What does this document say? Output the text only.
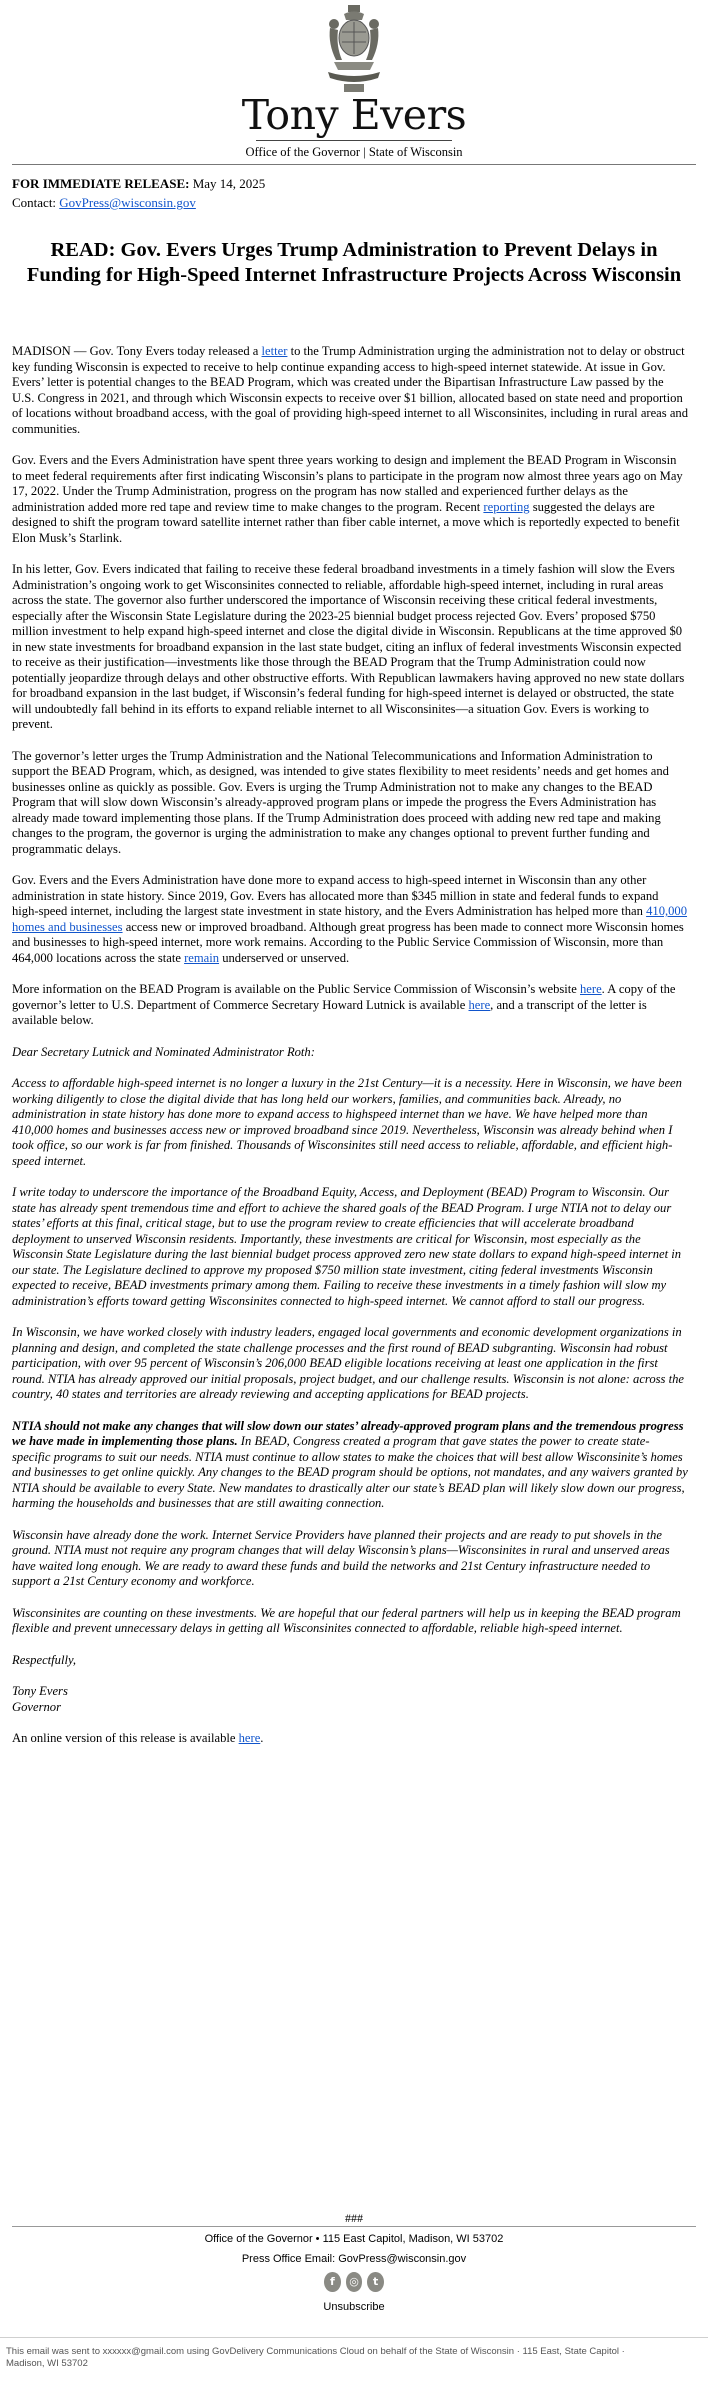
Tony Evers
Office of the Governor | State of Wisconsin
FOR IMMEDIATE RELEASE: May 14, 2025
Contact: GovPress@wisconsin.gov
READ: Gov. Evers Urges Trump Administration to Prevent Delays in Funding for High-Speed Internet Infrastructure Projects Across Wisconsin

MADISON — Gov. Tony Evers today released a letter to the Trump Administration urging the administration not to delay or obstruct key funding Wisconsin is expected to receive to help continue expanding access to high-speed internet statewide. At issue in Gov. Evers’ letter is potential changes to the BEAD Program, which was created under the Bipartisan Infrastructure Law passed by the U.S. Congress in 2021, and through which Wisconsin expects to receive over $1 billion, allocated based on state need and proportion of locations without broadband access, with the goal of providing high-speed internet to all Wisconsinites, including in rural areas and communities.

Gov. Evers and the Evers Administration have spent three years working to design and implement the BEAD Program in Wisconsin to meet federal requirements after first indicating Wisconsin’s plans to participate in the program now almost three years ago on May 17, 2022. Under the Trump Administration, progress on the program has now stalled and experienced further delays as the administration added more red tape and review time to make changes to the program. Recent reporting suggested the delays are designed to shift the program toward satellite internet rather than fiber cable internet, a move which is reportedly expected to benefit Elon Musk’s Starlink.

In his letter, Gov. Evers indicated that failing to receive these federal broadband investments in a timely fashion will slow the Evers Administration’s ongoing work to get Wisconsinites connected to reliable, affordable high-speed internet, including in rural areas across the state. The governor also further underscored the importance of Wisconsin receiving these critical federal investments, especially after the Wisconsin State Legislature during the 2023-25 biennial budget process rejected Gov. Evers’ proposed $750 million investment to help expand high-speed internet and close the digital divide in Wisconsin. Republicans at the time approved $0 in new state investments for broadband expansion in the last state budget, citing an influx of federal investments Wisconsin expected to receive as their justification—investments like those through the BEAD Program that the Trump Administration could now potentially jeopardize through delays and other obstructive efforts. With Republican lawmakers having approved no new state dollars for broadband expansion in the last budget, if Wisconsin’s federal funding for high-speed internet is delayed or obstructed, the state will undoubtedly fall behind in its efforts to expand reliable internet to all Wisconsinites—a situation Gov. Evers is working to prevent.

The governor’s letter urges the Trump Administration and the National Telecommunications and Information Administration to support the BEAD Program, which, as designed, was intended to give states flexibility to meet residents’ needs and get homes and businesses online as quickly as possible. Gov. Evers is urging the Trump Administration not to make any changes to the BEAD Program that will slow down Wisconsin’s already-approved program plans or impede the progress the Evers Administration has already made toward implementing those plans. If the Trump Administration does proceed with adding new red tape and making changes to the program, the governor is urging the administration to make any changes optional to prevent further funding and programmatic delays.

Gov. Evers and the Evers Administration have done more to expand access to high-speed internet in Wisconsin than any other administration in state history. Since 2019, Gov. Evers has allocated more than $345 million in state and federal funds to expand high-speed internet, including the largest state investment in state history, and the Evers Administration has helped more than 410,000 homes and businesses access new or improved broadband. Although great progress has been made to connect more Wisconsin homes and businesses to high-speed internet, more work remains. According to the Public Service Commission of Wisconsin, more than 464,000 locations across the state remain underserved or unserved.

More information on the BEAD Program is available on the Public Service Commission of Wisconsin’s website here. A copy of the governor’s letter to U.S. Department of Commerce Secretary Howard Lutnick is available here, and a transcript of the letter is available below.

Dear Secretary Lutnick and Nominated Administrator Roth:

Access to affordable high-speed internet is no longer a luxury in the 21st Century—it is a necessity. Here in Wisconsin, we have been working diligently to close the digital divide that has long held our workers, families, and communities back. Already, no administration in state history has done more to expand access to highspeed internet than we have. We have helped more than 410,000 homes and businesses access new or improved broadband since 2019. Nevertheless, Wisconsin was already behind when I took office, so our work is far from finished. Thousands of Wisconsinites still need access to reliable, affordable, and efficient high-speed internet.

I write today to underscore the importance of the Broadband Equity, Access, and Deployment (BEAD) Program to Wisconsin. Our state has already spent tremendous time and effort to achieve the shared goals of the BEAD Program. I urge NTIA not to delay our states’ efforts at this final, critical stage, but to use the program review to create efficiencies that will accelerate broadband deployment to unserved Wisconsin residents. Importantly, these investments are critical for Wisconsin, most especially as the Wisconsin State Legislature during the last biennial budget process approved zero new state dollars to expand high-speed internet in our state. The Legislature declined to approve my proposed $750 million state investment, citing federal investments Wisconsin expected to receive, BEAD investments primary among them. Failing to receive these investments in a timely fashion will slow my administration’s efforts toward getting Wisconsinites connected to high-speed internet. We cannot afford to stall our progress.

In Wisconsin, we have worked closely with industry leaders, engaged local governments and economic development organizations in planning and design, and completed the state challenge processes and the first round of BEAD subgranting. Wisconsin had robust participation, with over 95 percent of Wisconsin’s 206,000 BEAD eligible locations receiving at least one application in the first round. NTIA has already approved our initial proposals, project budget, and our challenge results. Wisconsin is not alone: across the country, 40 states and territories are already reviewing and accepting applications for BEAD projects.

NTIA should not make any changes that will slow down our states’ already-approved program plans and the tremendous progress we have made in implementing those plans. In BEAD, Congress created a program that gave states the power to create state-specific programs to suit our needs. NTIA must continue to allow states to make the choices that will best allow Wisconsinite’s homes and businesses to get online quickly. Any changes to the BEAD program should be options, not mandates, and any waivers granted by NTIA should be available to every State. New mandates to drastically alter our state’s BEAD plan will likely slow down our progress, harming the households and businesses that are still awaiting connection.

Wisconsin have already done the work. Internet Service Providers have planned their projects and are ready to put shovels in the ground. NTIA must not require any program changes that will delay Wisconsin’s plans—Wisconsinites in rural and unserved areas have waited long enough. We are ready to award these funds and build the networks and 21st Century infrastructure needed to support a 21st Century economy and workforce.

Wisconsinites are counting on these investments. We are hopeful that our federal partners will help us in keeping the BEAD program flexible and prevent unnecessary delays in getting all Wisconsinites connected to affordable, reliable high-speed internet.

Respectfully,

Tony Evers
Governor

An online version of this release is available here.

###
Office of the Governor • 115 East Capitol, Madison, WI 53702
Press Office Email: GovPress@wisconsin.gov
f	◎	t
Unsubscribe
This email was sent to xxxxxx@gmail.com using GovDelivery Communications Cloud on behalf of the State of Wisconsin · 115 East, State Capitol · Madison, WI 53702
